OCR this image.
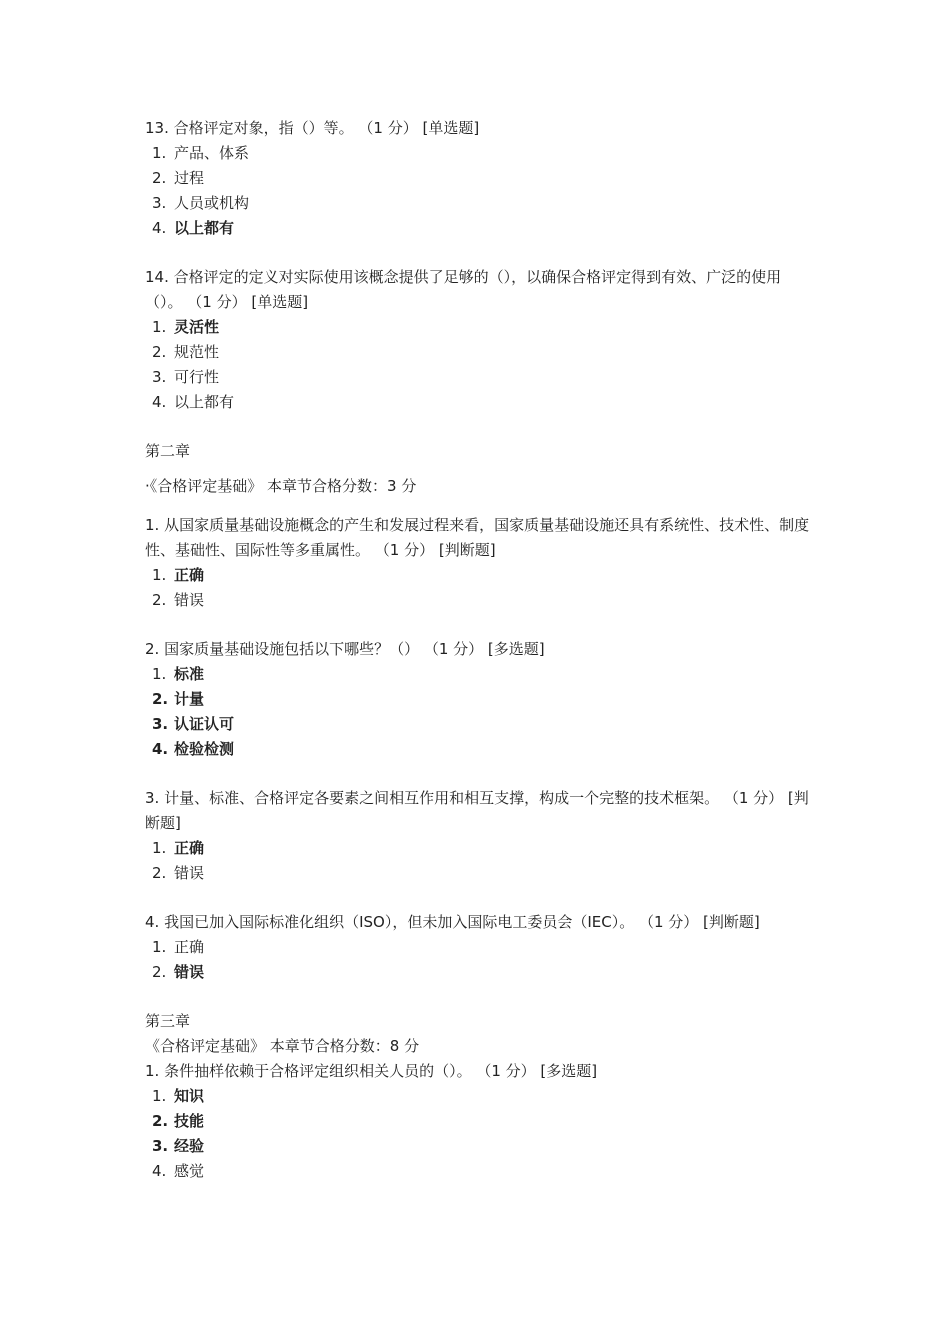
13. 合格评定对象，指（）等。 （1 分） [单选题]
1. 产品、体系
2. 过程
3. 人员或机构
4. 以上都有
14. 合格评定的定义对实际使用该概念提供了足够的（），以确保合格评定得到有效、广泛的使用（）。 （1 分） [单选题]
1. 灵活性
2. 规范性
3. 可行性
4. 以上都有
第二章
·《合格评定基础》 本章节合格分数：3 分
1. 从国家质量基础设施概念的产生和发展过程来看，国家质量基础设施还具有系统性、技术性、制度性、基础性、国际性等多重属性。 （1 分） [判断题]
1. 正确
2. 错误
2. 国家质量基础设施包括以下哪些？（） （1 分） [多选题]
1. 标准
2. 计量
3. 认证认可
4. 检验检测
3. 计量、标准、合格评定各要素之间相互作用和相互支撑，构成一个完整的技术框架。 （1 分） [判断题]
1. 正确
2. 错误
4. 我国已加入国际标准化组织（ISO），但未加入国际电工委员会（IEC）。 （1 分） [判断题]
1. 正确
2. 错误
第三章
《合格评定基础》 本章节合格分数：8 分
1. 条件抽样依赖于合格评定组织相关人员的（）。 （1 分） [多选题]
1. 知识
2. 技能
3. 经验
4. 感觉
